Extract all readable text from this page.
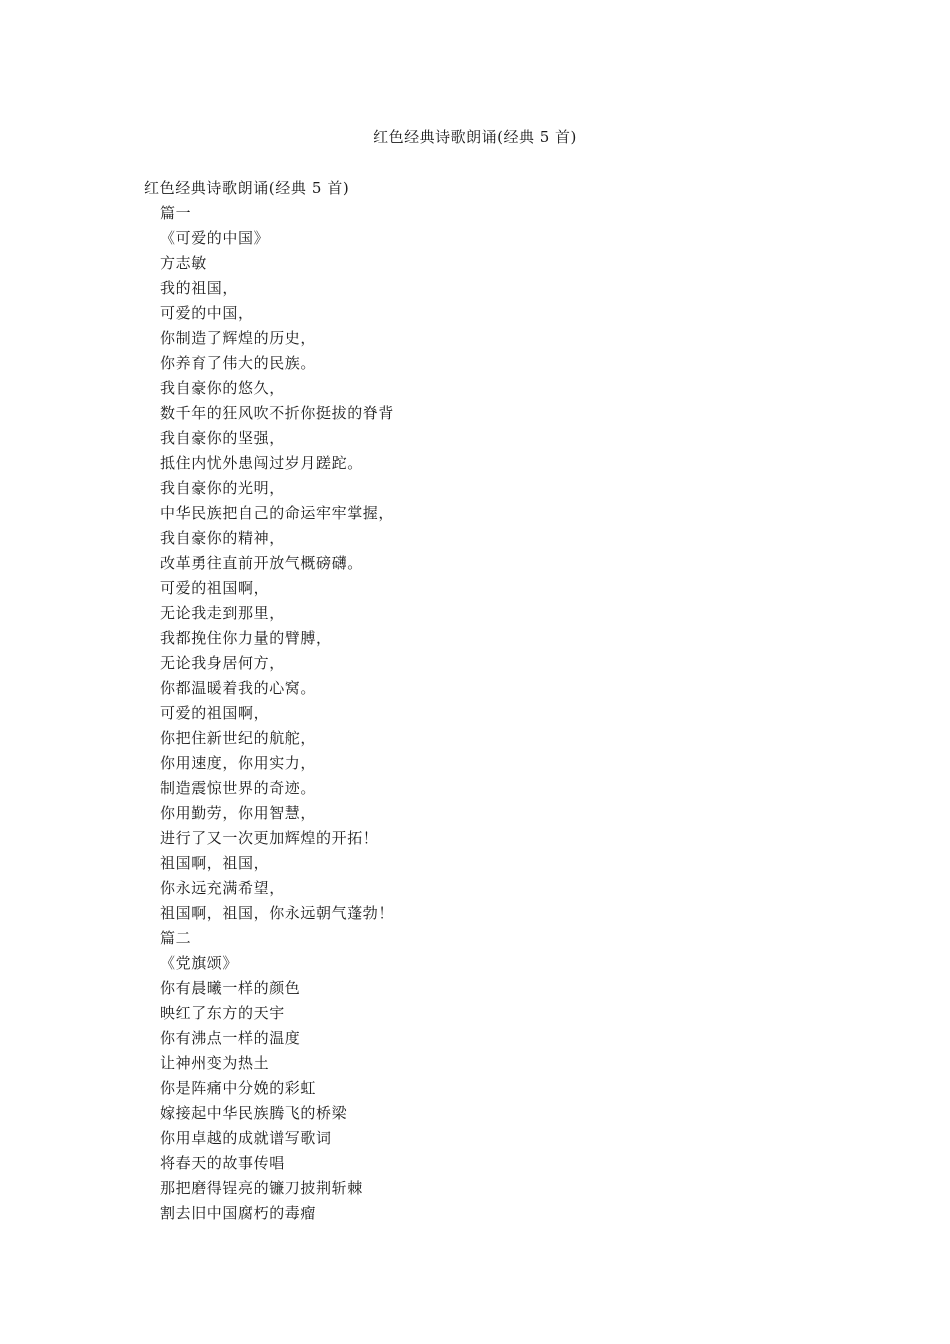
红色经典诗歌朗诵(经典 5 首)
红色经典诗歌朗诵(经典 5 首)
篇一
《可爱的中国》
方志敏
我的祖国，
可爱的中国，
你制造了辉煌的历史，
你养育了伟大的民族。
我自豪你的悠久，
数千年的狂风吹不折你挺拔的脊背
我自豪你的坚强，
抵住内忧外患闯过岁月蹉跎。
我自豪你的光明，
中华民族把自己的命运牢牢掌握，
我自豪你的精神，
改革勇往直前开放气概磅礴。
可爱的祖国啊，
无论我走到那里，
我都挽住你力量的臂膊，
无论我身居何方，
你都温暖着我的心窝。
可爱的祖国啊，
你把住新世纪的航舵，
你用速度，你用实力，
制造震惊世界的奇迹。
你用勤劳，你用智慧，
进行了又一次更加辉煌的开拓！
祖国啊，祖国，
你永远充满希望，
祖国啊，祖国，你永远朝气蓬勃！
篇二
《党旗颂》
你有晨曦一样的颜色
映红了东方的天宇
你有沸点一样的温度
让神州变为热土
你是阵痛中分娩的彩虹
嫁接起中华民族腾飞的桥梁
你用卓越的成就谱写歌词
将春天的故事传唱
那把磨得锃亮的镰刀披荆斩棘
割去旧中国腐朽的毒瘤
